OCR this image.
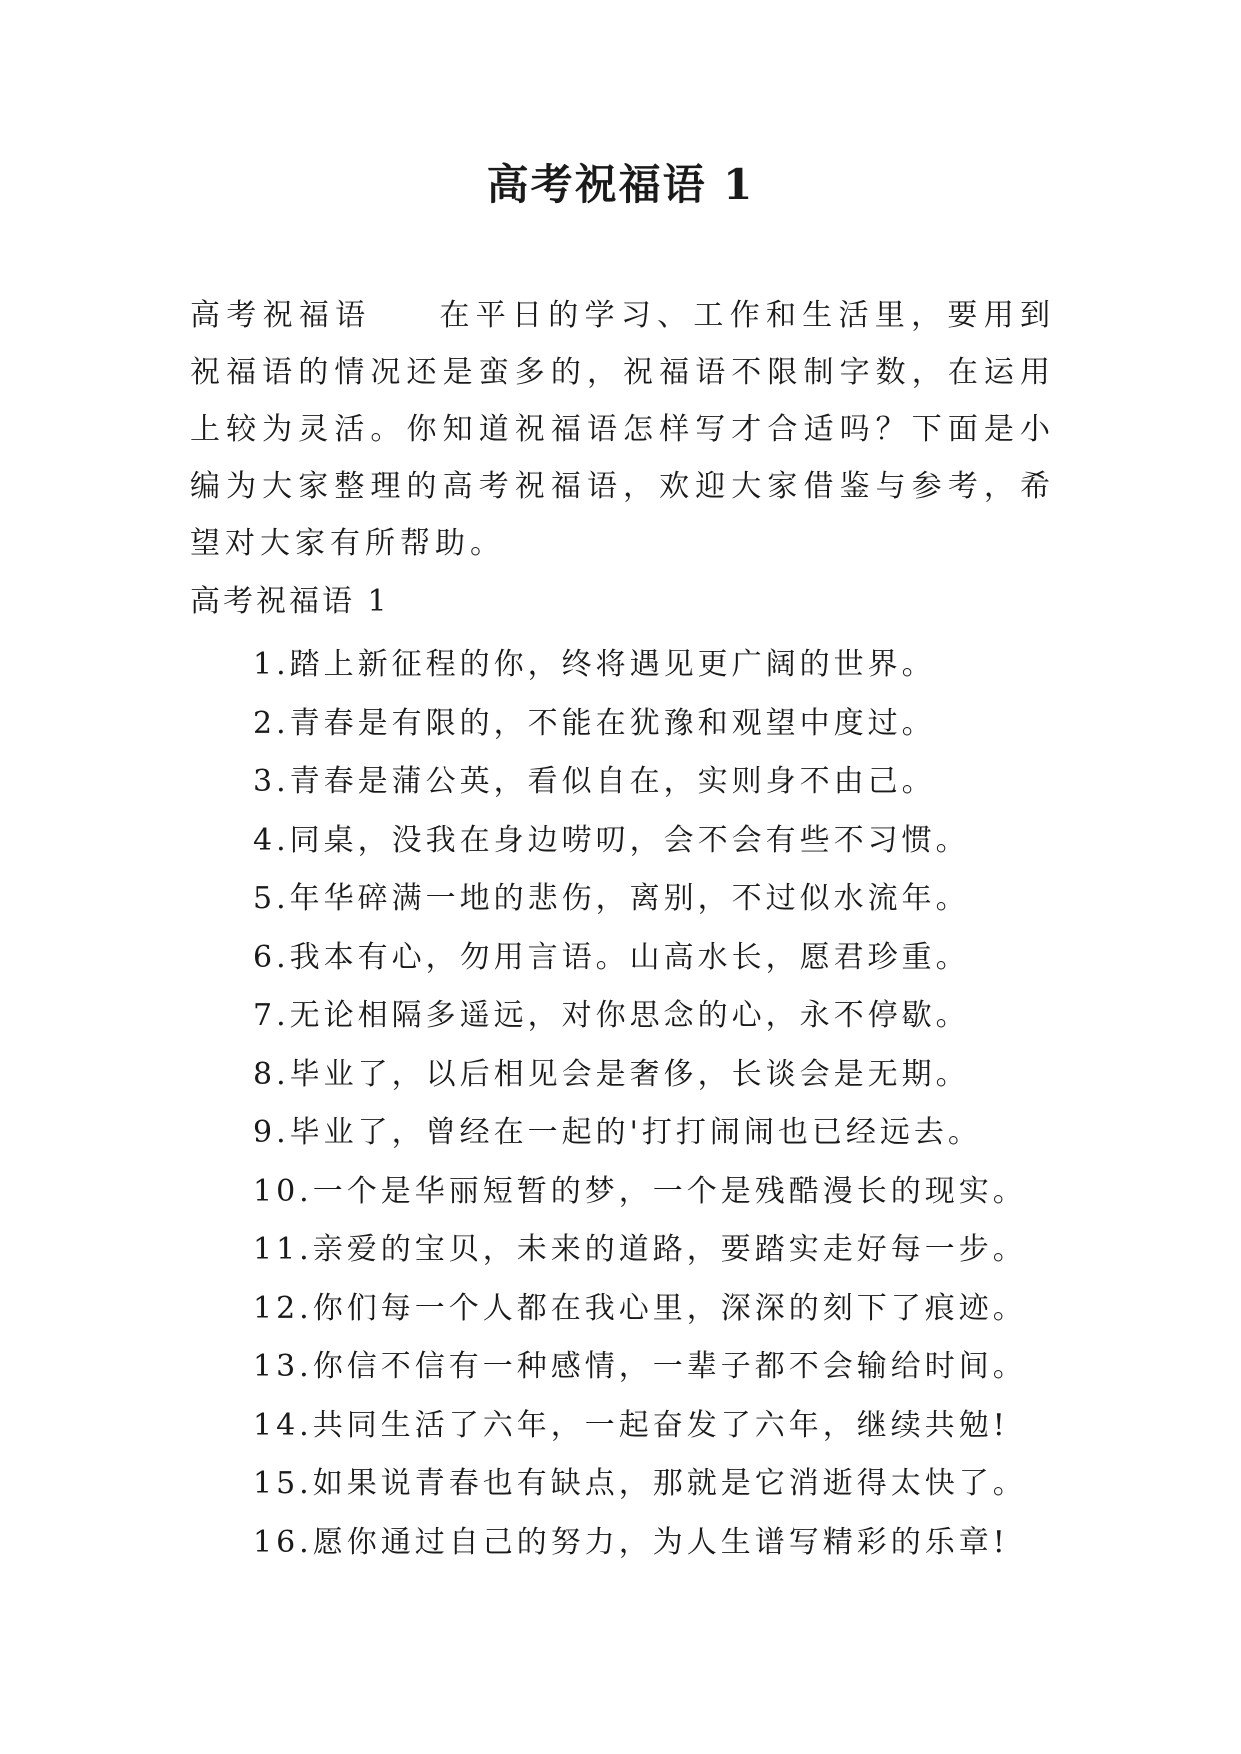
高考祝福语 1
高考祝福语 在平日的学习、工作和生活里，要用到祝福语的情况还是蛮多的，祝福语不限制字数，在运用上较为灵活。你知道祝福语怎样写才合适吗？下面是小编为大家整理的高考祝福语，欢迎大家借鉴与参考，希望对大家有所帮助。
高考祝福语 1
1.踏上新征程的你，终将遇见更广阔的世界。
2.青春是有限的，不能在犹豫和观望中度过。
3.青春是蒲公英，看似自在，实则身不由己。
4.同桌，没我在身边唠叨，会不会有些不习惯。
5.年华碎满一地的悲伤，离别，不过似水流年。
6.我本有心，勿用言语。山高水长，愿君珍重。
7.无论相隔多遥远，对你思念的心，永不停歇。
8.毕业了，以后相见会是奢侈，长谈会是无期。
9.毕业了，曾经在一起的'打打闹闹也已经远去。
10.一个是华丽短暂的梦，一个是残酷漫长的现实。
11.亲爱的宝贝，未来的道路，要踏实走好每一步。
12.你们每一个人都在我心里，深深的刻下了痕迹。
13.你信不信有一种感情，一辈子都不会输给时间。
14.共同生活了六年，一起奋发了六年，继续共勉!
15.如果说青春也有缺点，那就是它消逝得太快了。
16.愿你通过自己的努力，为人生谱写精彩的乐章!
